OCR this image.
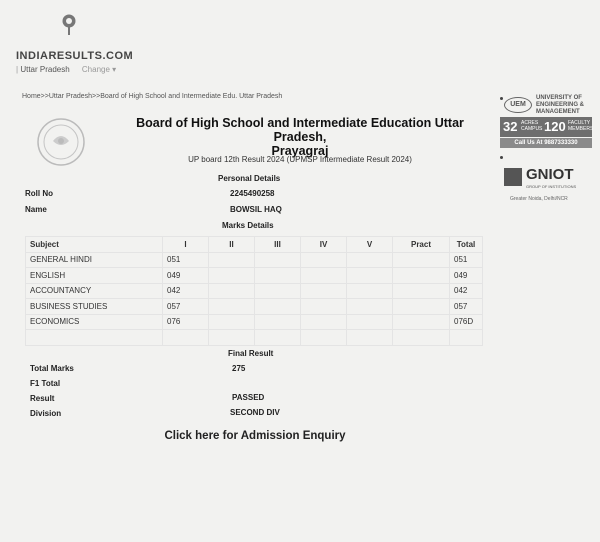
INDIARESULTS.COM
| Uttar Pradesh Change ▾
Home>>Uttar Pradesh>>Board of High School and Intermediate Edu. Uttar Pradesh
Board of High School and Intermediate Education Uttar Pradesh,
Prayagraj
UP board 12th Result 2024 (UPMSP Intermediate Result 2024)
Personal Details
Roll No	2245490258
Name	BOWSIL HAQ
Marks Details
Subject	I	II	III	IV	V	Pract	Total
GENERAL HINDI	051						051
ENGLISH	049						049
ACCOUNTANCY	042						042
BUSINESS STUDIES	057						057
ECONOMICS	076						076D

Final Result
Total Marks	275
F1 Total
Result	PASSED
Division	SECOND DIV
Click here for Admission Enquiry
UEM
UNIVERSITY OF
ENGINEERING &
MANAGEMENT
32 ACRES
CAMPUS 120 FACULTY
MEMBERS
Call Us At 9887333330
GNIOT
GROUP OF INSTITUTIONS
Greater Noida, Delhi/NCR
